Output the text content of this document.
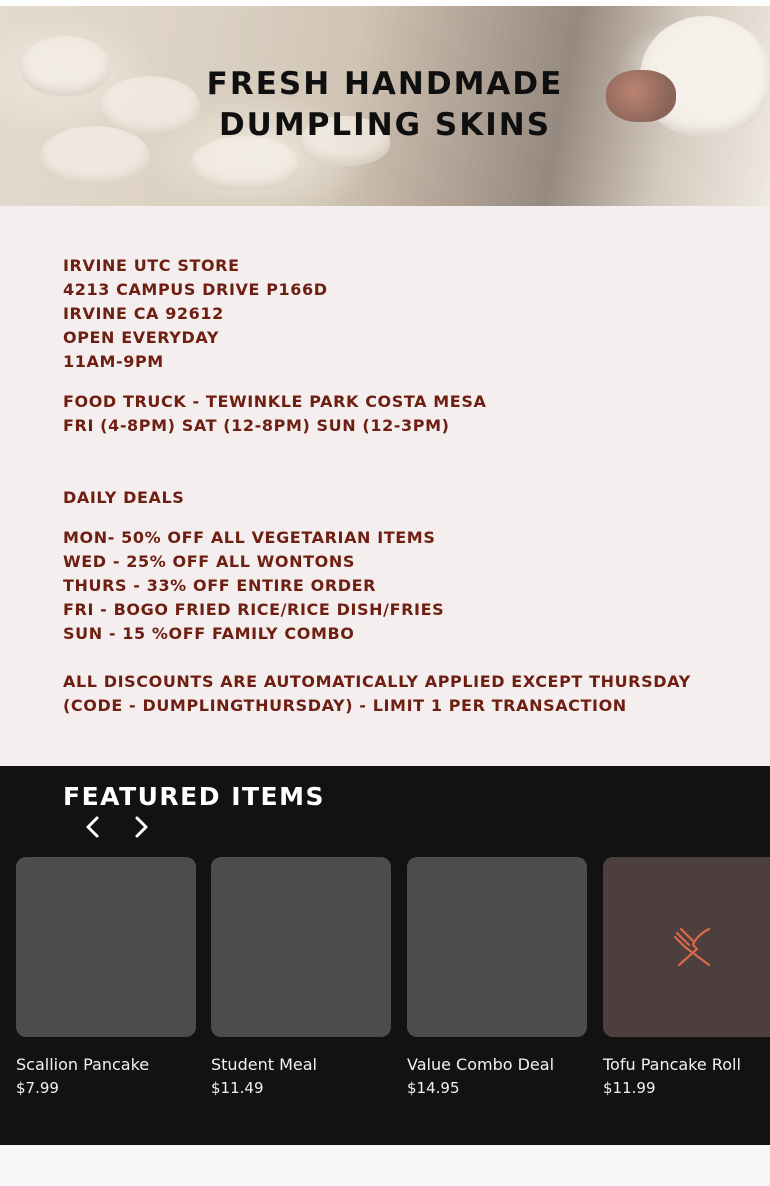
FRESH HANDMADE
DUMPLING SKINS
IRVINE UTC STORE
4213 CAMPUS DRIVE P166D
IRVINE CA 92612
OPEN EVERYDAY
11AM-9PM
FOOD TRUCK - TEWINKLE PARK COSTA MESA
FRI (4-8PM) SAT (12-8PM) SUN (12-3PM)
DAILY DEALS
MON- 50% OFF ALL VEGETARIAN ITEMS
WED - 25% OFF ALL WONTONS
THURS - 33% OFF ENTIRE ORDER
FRI - BOGO FRIED RICE/RICE DISH/FRIES
SUN - 15 %OFF FAMILY COMBO
ALL DISCOUNTS ARE AUTOMATICALLY APPLIED EXCEPT THURSDAY (CODE - DUMPLINGTHURSDAY) - LIMIT 1 PER TRANSACTION
FEATURED ITEMS
Scallion Pancake
$7.99
Student Meal
$11.49
Value Combo Deal
$14.95
Tofu Pancake Roll
$11.99
